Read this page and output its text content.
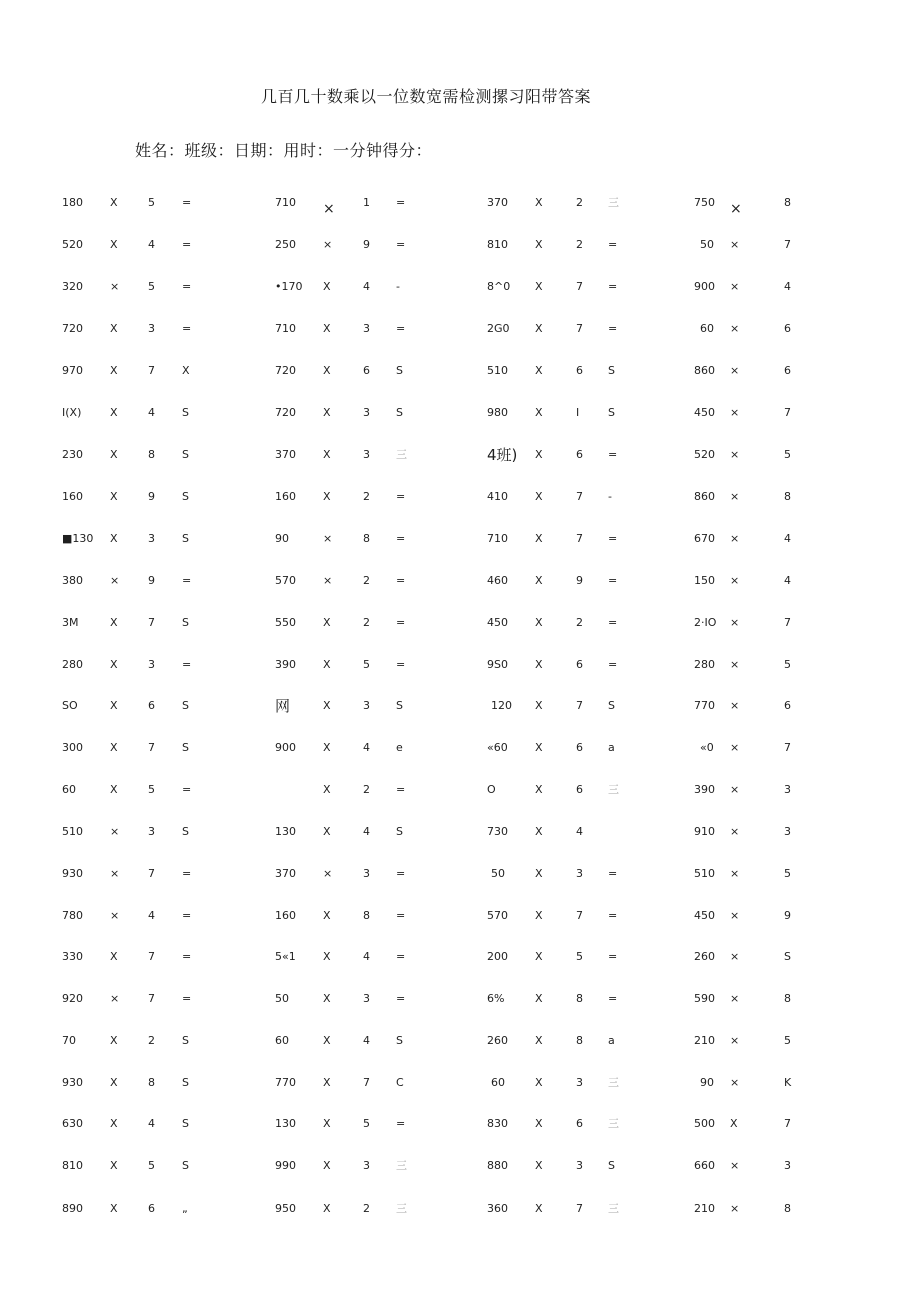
几百几十数乘以一位数宽需检测摞习阳带答案
姓名：班级：日期：用时：一分钟得分：
180 X	5 =	710 ×	1 =	370 X	2 三	750 ×	8
520 X	4 =	250 ×	9 =	810 X	2 =	50 ×	7
320 ×	5 =	•170 X	4 -	8^0 X	7 =	900 ×	4
720 X	3 =	710 X	3 =	2G0 X	7 =	60 ×	6
970 X	7 X	720 X	6 S	510 X	6 S	860 ×	6
I(X)	X	4 S	720 X	3 S	980 X	I	S	450 ×	7
230 X	8 S	370 X	3 三	4班) X	6 =	520 ×	5
160 X	9 S	160 X	2 =	410 X	7 -	860 ×	8
■130 X	3 S	90	×	8 =	710 X	7 =	670 ×	4
380 ×	9 =	570 ×	2 =	460 X	9 =	150 ×	4
3M	X	7 S	550 X	2 =	450 X	2 =	2·IO ×	7
280 X	3 =	390 X	5 =	9S0 X	6 =	280 ×	5
SO	X	6 S	网	X	3 S	120 X	7 S	770 ×	6
300 X	7 S	900 X	4 e	«60 X	6 a	«0 ×	7
60	X	5 =	X	2 =	O	X	6 三	390 ×	3
510 ×	3 S	130 X	4 S	730 X	4	910 ×	3
930 ×	7 =	370 ×	3 =	50	X	3 =	510 ×	5
780 ×	4 =	160 X	8 =	570 X	7 =	450 ×	9
330 X	7 =	5«1 X	4 =	200 X	5 =	260 ×	S
920 ×	7 =	50	X	3 =	6%	X	8 =	590 ×	8
70	X	2 S	60	X	4 S	260 X	8 a	210 ×	5
930 X	8 S	770 X	7 C	60	X	3 三	90 ×	K
630 X	4 S	130 X	5 =	830 X	6 三	500 X	7
810 X	5 S	990 X	3 三	880 X	3 S	660 ×	3
890 X	6 „	950 X	2 三	360 X	7 三	210 ×	8
